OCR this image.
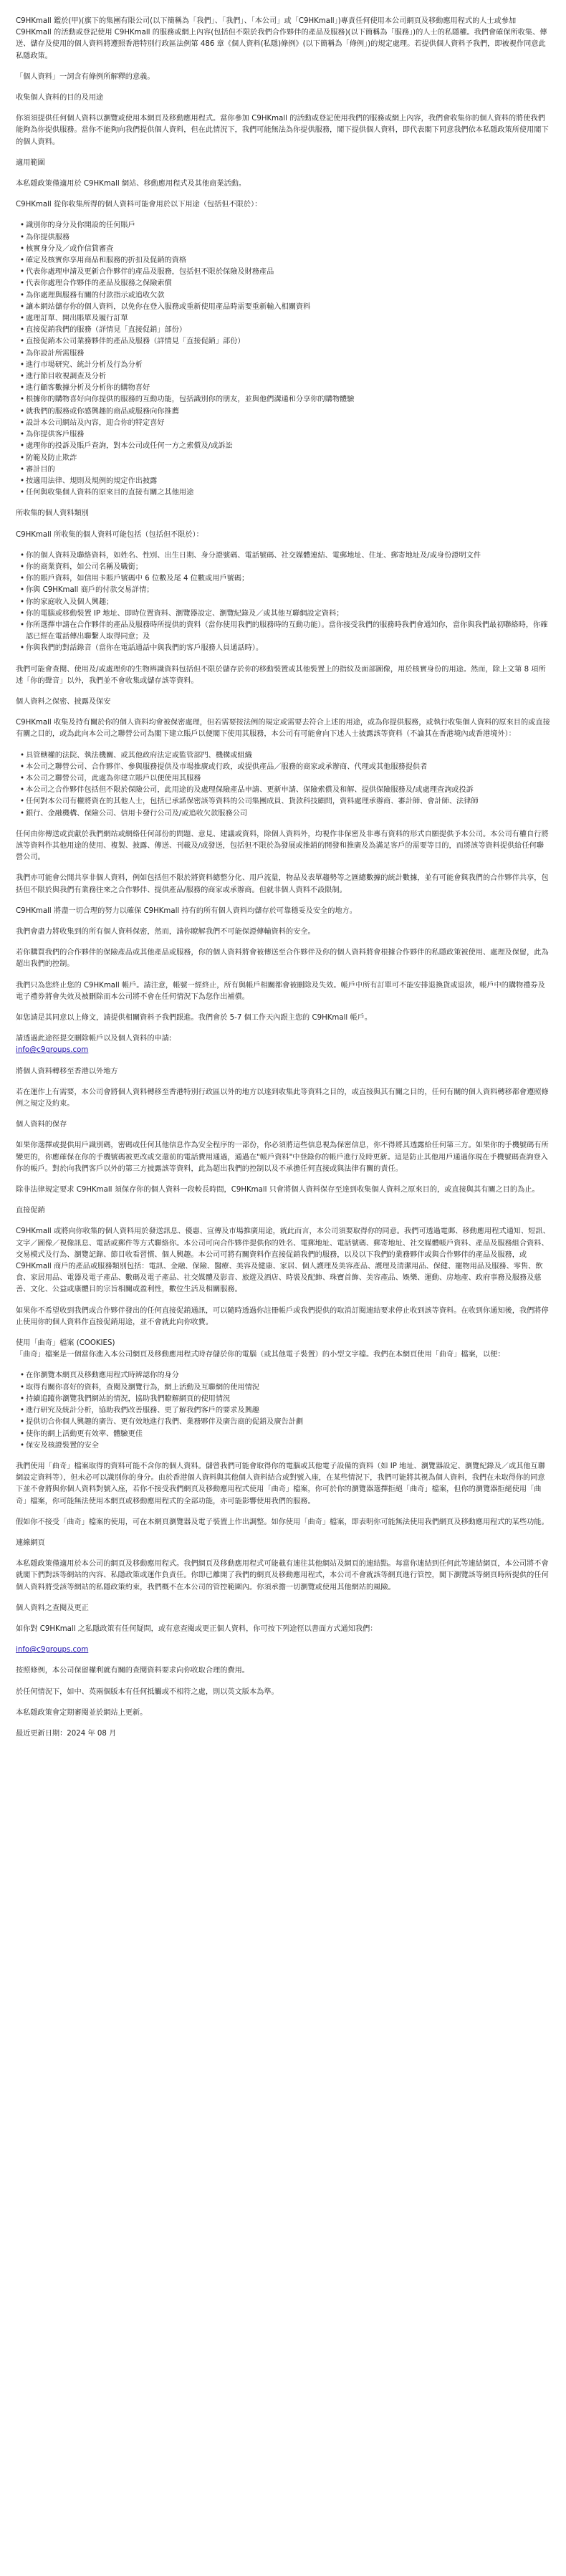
C9HKmall 鑑於(甲)(旗下的集團有限公司(以下簡稱為「我們」、「我們」、「本公司」或「C9HKmall」)專責任何使用本公司網頁及移動應用程式的人士或參加 C9HKmall 的活動或登記使用 C9HKmall 的服務或網上內容(包括但不限於我們合作夥伴的產品及服務)(以下簡稱為「服務」)的人士的私隱權。我們會確保所收集、傳送、儲存及使用的個人資料將遵照香港特別行政區法例第 486 章《個人資料(私隱)條例》(以下簡稱為「條例」)的規定處理。若提供個人資料予我們，即被視作同意此私隱政策。

「個人資料」一詞含有條例所解釋的意義。

收集個人資料的目的及用途

你須須提供任何個人資料以瀏覽或使用本網頁及移動應用程式。當你參加 C9HKmall 的活動或登記使用我們的服務或網上內容，我們會收集你的個人資料的將使我們能夠為你提供服務。當你不能夠向我們提供個人資料，但在此情況下，我們可能無法為你提供服務，閣下提供個人資料，即代表閣下同意我們依本私隱政策所使用閣下的個人資料。

適用範圍

本私隱政策僅適用於 C9HKmall 網站、移動應用程式及其他商業活動。

C9HKmall 從你收集所得的個人資料可能會用於以下用途（包括但不限於）：

• 識別你的身分及你開設的任何賬戶
• 為你提供服務
• 核實身分及／或作信貸審查
• 確定及核實你享用商品和服務的折扣及促銷的資格
• 代表你處理申請及更新合作夥伴的產品及服務，包括但不限於保險及財務產品
• 代表你處理合作夥伴的產品及服務之保險索償
• 為你處理與服務有關的付款指示或追收欠款
• 讓本網站儲存你的個人資料，以免你在登入服務或重新使用產品時需要重新輸入相關資料
• 處理訂單、開出賬單及履行訂單
• 直接促銷我們的服務（詳情見「直接促銷」部份）
• 直接促銷本公司業務夥伴的產品及服務（詳情見「直接促銷」部份）
• 為你設計所需服務
• 進行市場研究、統計分析及行為分析
• 進行節目收視調查及分析
• 進行顧客數據分析及分析你的購物喜好
• 根據你的購物喜好向你提供的服務的互動功能，包括識別你的朋友，並與他們溝通和分享你的購物體驗
• 就我們的服務或你感興趣的商品或服務向你推薦
• 設計本公司網站及內容，迎合你的特定喜好
• 為你提供客戶服務
• 處理你的投訴及賬戶查詢，對本公司或任何一方之索償及/或訴訟
• 防範及防止欺詐
• 審計目的
• 按適用法律、規則及規例的規定作出披露
• 任何與收集個人資料的原來目的直接有關之其他用途
所收集的個人資料類別

C9HKmall 所收集的個人資料可能包括（包括但不限於）：

• 你的個人資料及聯絡資料，如姓名、性別、出生日期、身分證號碼、電話號碼、社交媒體連結、電郵地址、住址、郵寄地址及/或身份證明文件
• 你的商業資料，如公司名稱及職銜；
• 你的賬戶資料，如信用卡賬戶號碼中 6 位數及尾 4 位數或用戶號碼；
• 你與 C9HKmall 商戶的付款交易詳情；
• 你的家庭收入及個人興趣；
• 你的電腦或移動裝置 IP 地址、即時位置資料、瀏覽器設定、瀏覽紀錄及／或其他互聯網設定資料；
• 你所選擇申請在合作夥伴的產品及服務時所提供的資料（當你使用我們的服務時的互動功能）。當你接受我們的服務時我們會通知你，當你與我們最初聯絡時，你確認已經在電話傳出聯繫人取得同意；及
• 你與我們的對話錄音（當你在電話通話中與我們的客戶服務人員通話時）。

我們可能會查閱、使用及/或處理你的生物辨識資料包括但不限於儲存於你的移動裝置或其他裝置上的指紋及面部圖像，用於核實身份的用途。然而，除上文第 8 項所述「你的聲音」以外，我們並不會收集或儲存該等資料。

個人資料之保密、披露及保安

C9HKmall 收集及持有關於你的個人資料均會被保密處理，但若需要按法例的規定或需要去符合上述的用途，或為你提供服務，或執行收集個人資料的原來目的或直接有關之目的，或為此向本公司之聯營公司為閣下建立賬戶以便閣下使用其服務，本公司有可能會向下述人士披露該等資料（不論其在香港境內或香港境外）：

• 具管轄權的法院、執法機關、或其他政府法定或監管部門、機構或組織
• 本公司之聯營公司、合作夥伴、參與服務提供及市場推廣或行政，或提供產品／服務的商家或承辦商、代理或其他服務提供者
• 本公司之聯營公司，此處為你建立賬戶以便使用其服務
• 本公司之合作夥伴包括但不限於保險公司，此用途的及處理保險產品申請、更新申請、保險索償及和解、提供保險服務及/或處理查詢或投訴
• 任何對本公司有權將資在的其他人士，包括已承諾保密該等資料的公司集團成員、貨款科技顧問，資料處理承辦商、審計師、會計師、法律師
• 銀行、金融機構、保險公司、信用卡發行公司及/或追收欠款服務公司

任何由你傳送或貢獻於我們網站或網絡任何部份的問題、意見、建議或資料，除個人資料外，均視作非保密及非專有資料的形式自願提供予本公司。本公司有權自行將該等資料作其他用途的使用、複製、披露、傳送、刊載及/或發送，包括但不限於為發展或推銷的開發和推廣及為滿足客戶的需要等目的，而將該等資料提供給任何聯營公司。

我們亦可能會公開共享非個人資料，例如包括但不限於將資料總整分化、用戶流量，物品及表單趨勢等之匯總數據的統計數據，並有可能會與我們的合作夥伴共享，包括但不限於與我們有業務往來之合作夥伴、提供產品/服務的商家或承辦商。但就非個人資料不設限制。

C9HKmall 將盡一切合理的努力以確保 C9HKmall 持有的所有個人資料均儲存於可靠穩妥及安全的地方。

我們會盡力將收集到的所有個人資料保密，然而，請你瞭解我們不可能保證傳輸資料的安全。

若你購買我們的合作夥伴的保險產品或其他產品或服務，你的個人資料將會被傳送至合作夥伴及你的個人資料將會根據合作夥伴的私隱政策被使用、處理及保留，此為超出我們的控制。

我們只為您終止您的 C9HKmall 帳戶。請注意，帳號一經終止，所有與帳戶相關都會被刪除及失效。帳戶中所有訂單可不能安排退換貨或退款，帳戶中的購物禮券及電子禮券將會失效及被刪除而本公司將不會在任何情況下為您作出補償。

如您請是其同意以上條文，請提供相關資料予我們跟進。我們會於 5-7 個工作天內跟主您的 C9HKmall 帳戶。

請透過此途徑提交刪除帳戶以及個人資料的申請:
info@c9groups.com
將個人資料轉移至香港以外地方

若在運作上有需要，本公司會將個人資料轉移至香港特別行政區以外的地方以達到收集此等資料之目的，或直接與其有關之目的，任何有關的個人資料轉移都會遵照條例之規定及約束。

個人資料的保存

如果你選擇或提供用戶識別碼，密碼或任何其他信息作為安全程序的一部份，你必須將這些信息視為保密信息，你不得將其透露給任何第三方。如果你的手機號碼有所變更的，你應確保在你的手機號碼被更改或交還前的電話費用通過，通過在"帳戶資料"中登錄你的帳戶進行及時更新。這是防止其他用戶通過你現在手機號碼查詢登入你的帳戶。對於向我們客戶以外的第三方披露該等資料，此為超出我們的控制以及不承擔任何直接或與法律有關的責任。

除非法律規定要求 C9HKmall 須保存你的個人資料一段較長時間，C9HKmall 只會將個人資料保存至達到收集個人資料之原來目的，或直接與其有關之目的為止。

直接促銷

C9HKmall 或將向你收集的個人資料用於發送訊息、優惠、宣傳及市場推廣用途，就此而言，本公司須要取得你的同意。我們可透過電郵、移動應用程式通知、短訊、文字／圖像／視像訊息、電話或郵件等方式聯絡你。本公司可向合作夥伴提供你的姓名、電郵地址、電話號碼、郵寄地址、社交媒體帳戶資料、產品及服務組合資料、交易模式及行為、瀏覽記錄、節目收看習慣、個人興趣。本公司可將有關資料作直接促銷我們的服務，以及以下我們的業務夥伴或與合作夥伴的產品及服務，或 C9HKmall 商戶的產品或服務類別包括：電訊、金融、保險、醫療、美容及健康、家居、個人護理及美容產品、護理及清潔用品、保健、寵物用品及服務、零售、飲食、家居用品、電器及電子產品、數碼及電子產品、社交媒體及影音、旅遊及酒店、時裝及配飾、珠寶首飾、美容產品、娛樂、運動、房地產、政府事務及服務及慈善、文化、公益或康體目的宗旨相關或盈利性，數位生活及相關服務。

如果你不希望收到我們或合作夥伴發出的任何直接促銷通訊，可以隨時透過你註冊帳戶或我們提供的取消訂閱連結要求停止收到該等資料。在收到你通知後，我們將停止使用你的個人資料作直接促銷用途，並不會就此向你收費。

使用「曲奇」檔案 (COOKIES)

「曲奇」檔案是一個當你進入本公司網頁及移動應用程式時存儲於你的電腦（或其他電子裝置）的小型文字檔。我們在本網頁使用「曲奇」檔案，以便：

• 在你瀏覽本網頁及移動應用程式時辨認你的身分
• 取得有關你喜好的資料，查閱及瀏覽行為，網上活動及互聯網的使用情況
• 持續追蹤你瀏覽我們網站的情況，協助我們瞭解網頁的使用情況
• 進行研究及統計分析，協助我們改善服務、更了解我們客戶的要求及興趣
• 提供切合你個人興趣的廣告、更有效地進行我們、業務夥伴及廣告商的促銷及廣告計劃
• 使你的網上活動更有效率、體驗更佳
• 保安及核證裝置的安全

我們使用「曲奇」檔案取得的資料可能不含你的個人資料。儲曾我們可能會取得你的電腦或其他電子設備的資料（如 IP 地址、瀏覽器設定、瀏覽紀錄及／或其他互聯網設定資料等），但未必可以識別你的身分。由於香港個人資料與其他個人資料結合或對號入座，在某些情況下，我們可能將其視為個人資料，我們在未取得你的同意下並不會將與你個人資料對號入座，若你不接受我們網頁及移動應用程式使用「曲奇」檔案，你可於你的瀏覽器選擇拒絕「曲奇」檔案，但你的瀏覽器拒絕使用「曲奇」檔案，你可能無法使用本網頁或移動應用程式的全部功能，亦可能影響使用我們的服務。

假如你不接受「曲奇」檔案的使用，可在本網頁瀏覽器及電子裝置上作出調整。如你使用「曲奇」檔案，即表明你可能無法使用我們網頁及移動應用程式的某些功能。

連線網頁

本私隱政策僅適用於本公司的網頁及移動應用程式。我們網頁及移動應用程式可能載有連往其他網站及網頁的連結點。每當你連結到任何此等連結網頁，本公司將不會就閣下們對該等網站的內容、私隱政策或運作負責任。你即已離開了我們的網頁及移動應用程式，本公司不會就該等網頁進行管控，閣下瀏覽該等網頁時所提供的任何個人資料將受該等網站的私隱政策約束，我們概不在本公司的管控範圍內。你須承擔一切瀏覽或使用其他網站的風險。

個人資料之查閱及更正

如你對 C9HKmall 之私隱政策有任何疑問，或有意查閱或更正個人資料，你可按下列途徑以書面方式通知我們：

info@c9groups.com

按照條例，本公司保留權利就有關的查閱資料要求向你收取合理的費用。

於任何情況下，如中、英兩個版本有任何抵觸或不相符之處，則以英文版本為準。

本私隱政策會定期審閱並於網站上更新。

最近更新日期：2024 年 08 月
